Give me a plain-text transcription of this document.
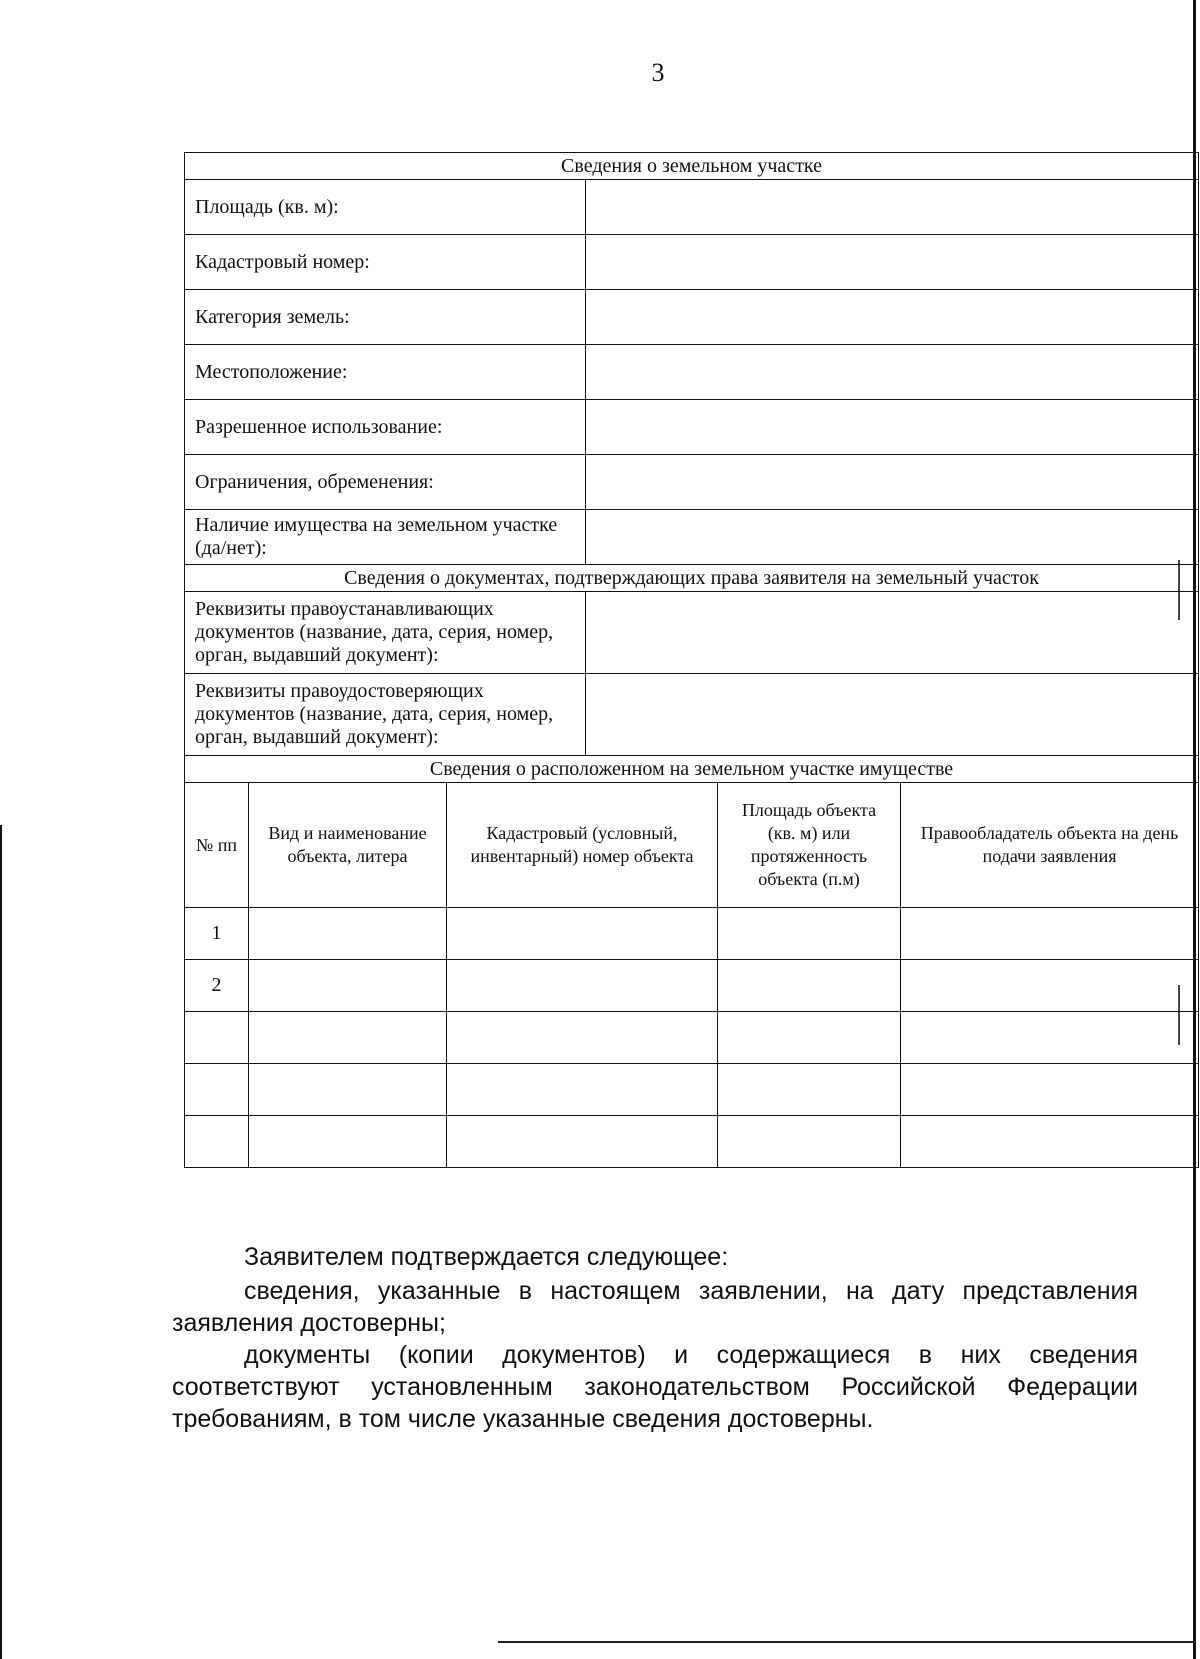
3
Сведения о земельном участке					
Площадь (кв. м):					
Кадастровый номер:					
Категория земель:					
Местоположение:					
Разрешенное использование:					
Ограничения, обременения:					
Наличие имущества на земельном участке (да/нет):					
Сведения о документах, подтверждающих права заявителя на земельный участок					
Реквизиты правоустанавливающих документов (название, дата, серия, номер, орган, выдавший документ):					
Реквизиты правоудостоверяющих документов (название, дата, серия, номер, орган, выдавший документ):					
Сведения о расположенном на земельном участке имуществе					
№ пп	Вид и наименование объекта, литера	Кадастровый (условный, инвентарный) номер объекта		Площадь объекта (кв. м) или протяженность объекта (п.м)	Правообладатель объекта на день подачи заявления
1					
2					

Заявителем подтверждается следующее:

сведения, указанные в настоящем заявлении, на дату представления заявления достоверны;

документы (копии документов) и содержащиеся в них сведения соответствуют установленным законодательством Российской Федерации требованиям, в том числе указанные сведения достоверны.
